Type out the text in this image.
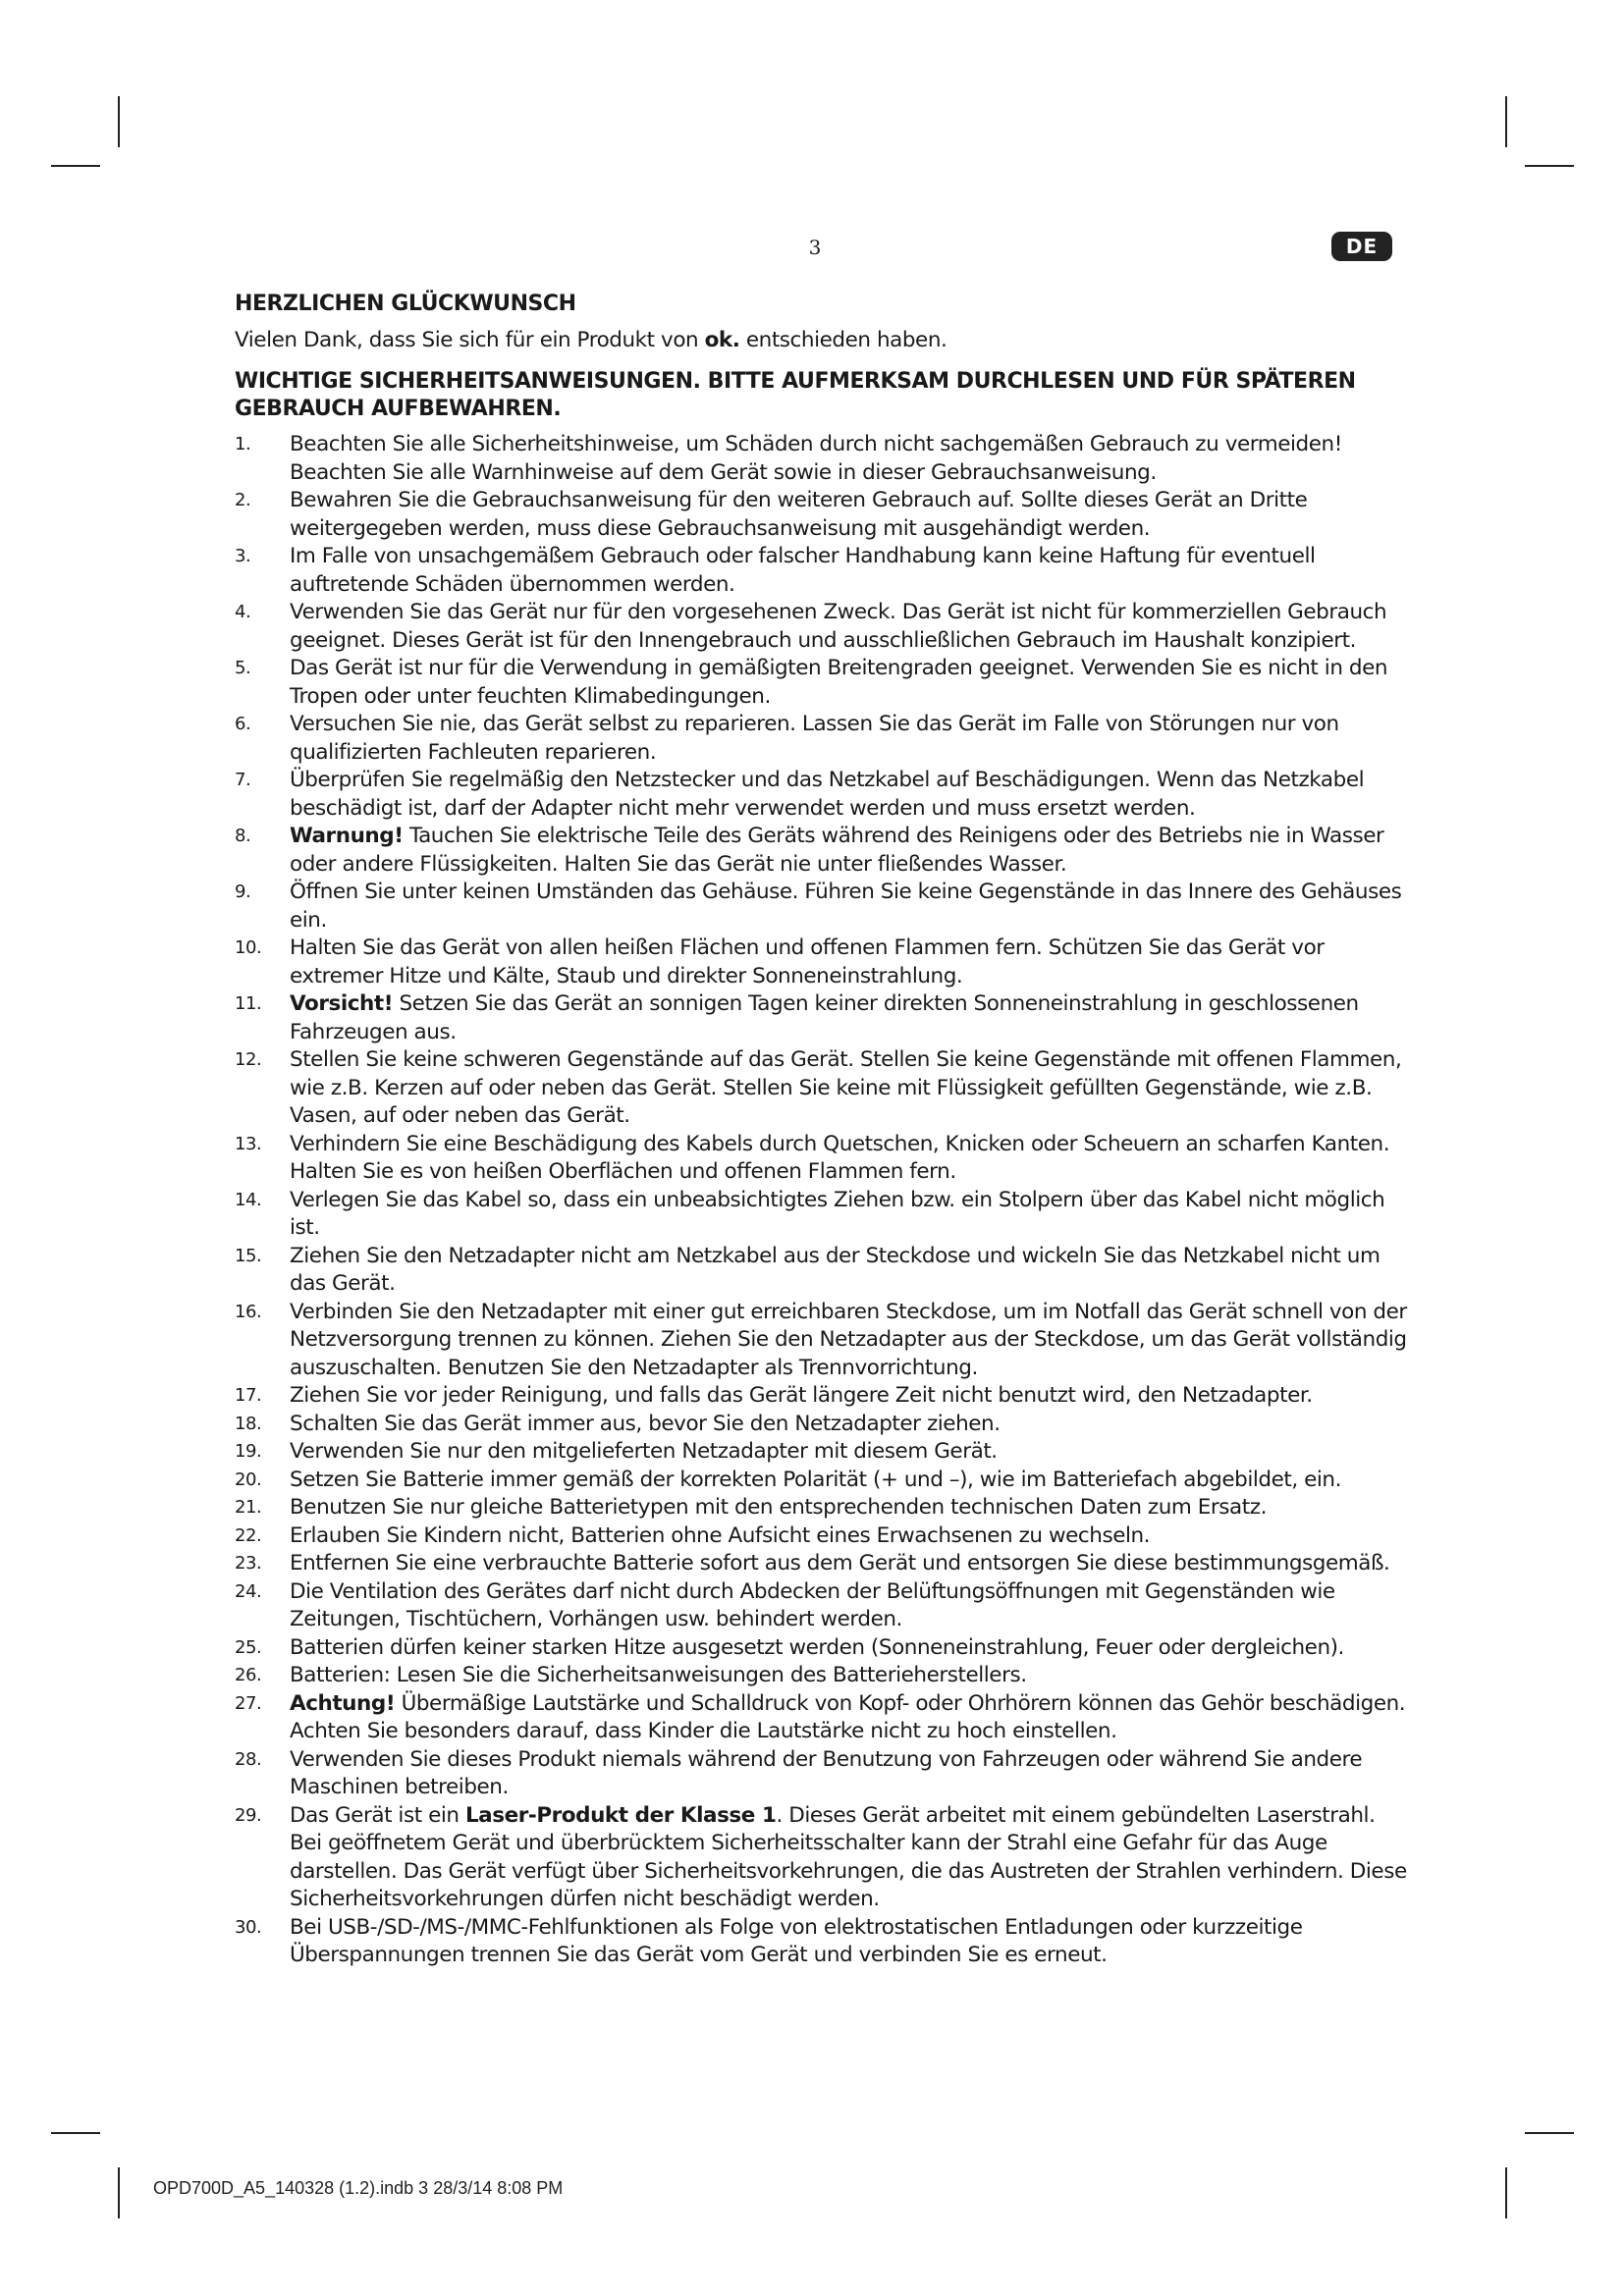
3	DE
HERZLICHEN GLÜCKWUNSCH
Vielen Dank, dass Sie sich für ein Produkt von ok. entschieden haben.
WICHTIGE SICHERHEITSANWEISUNGEN. BITTE AUFMERKSAM DURCHLESEN UND FÜR SPÄTEREN GEBRAUCH AUFBEWAHREN.
1. Beachten Sie alle Sicherheitshinweise, um Schäden durch nicht sachgemäßen Gebrauch zu vermeiden! Beachten Sie alle Warnhinweise auf dem Gerät sowie in dieser Gebrauchsanweisung.
2. Bewahren Sie die Gebrauchsanweisung für den weiteren Gebrauch auf. Sollte dieses Gerät an Dritte weitergegeben werden, muss diese Gebrauchsanweisung mit ausgehändigt werden.
3. Im Falle von unsachgemäßem Gebrauch oder falscher Handhabung kann keine Haftung für eventuell auftretende Schäden übernommen werden.
4. Verwenden Sie das Gerät nur für den vorgesehenen Zweck. Das Gerät ist nicht für kommerziellen Gebrauch geeignet. Dieses Gerät ist für den Innengebrauch und ausschließlichen Gebrauch im Haushalt konzipiert.
5. Das Gerät ist nur für die Verwendung in gemäßigten Breitengraden geeignet. Verwenden Sie es nicht in den Tropen oder unter feuchten Klimabedingungen.
6. Versuchen Sie nie, das Gerät selbst zu reparieren. Lassen Sie das Gerät im Falle von Störungen nur von qualifizierten Fachleuten reparieren.
7. Überprüfen Sie regelmäßig den Netzstecker und das Netzkabel auf Beschädigungen. Wenn das Netzkabel beschädigt ist, darf der Adapter nicht mehr verwendet werden und muss ersetzt werden.
8. Warnung! Tauchen Sie elektrische Teile des Geräts während des Reinigens oder des Betriebs nie in Wasser oder andere Flüssigkeiten. Halten Sie das Gerät nie unter fließendes Wasser.
9. Öffnen Sie unter keinen Umständen das Gehäuse. Führen Sie keine Gegenstände in das Innere des Gehäuses ein.
10. Halten Sie das Gerät von allen heißen Flächen und offenen Flammen fern. Schützen Sie das Gerät vor extremer Hitze und Kälte, Staub und direkter Sonneneinstrahlung.
11. Vorsicht! Setzen Sie das Gerät an sonnigen Tagen keiner direkten Sonneneinstrahlung in geschlossenen Fahrzeugen aus.
12. Stellen Sie keine schweren Gegenstände auf das Gerät. Stellen Sie keine Gegenstände mit offenen Flammen, wie z.B. Kerzen auf oder neben das Gerät. Stellen Sie keine mit Flüssigkeit gefüllten Gegenstände, wie z.B. Vasen, auf oder neben das Gerät.
13. Verhindern Sie eine Beschädigung des Kabels durch Quetschen, Knicken oder Scheuern an scharfen Kanten. Halten Sie es von heißen Oberflächen und offenen Flammen fern.
14. Verlegen Sie das Kabel so, dass ein unbeabsichtigtes Ziehen bzw. ein Stolpern über das Kabel nicht möglich ist.
15. Ziehen Sie den Netzadapter nicht am Netzkabel aus der Steckdose und wickeln Sie das Netzkabel nicht um das Gerät.
16. Verbinden Sie den Netzadapter mit einer gut erreichbaren Steckdose, um im Notfall das Gerät schnell von der Netzversorgung trennen zu können. Ziehen Sie den Netzadapter aus der Steckdose, um das Gerät vollständig auszuschalten. Benutzen Sie den Netzadapter als Trennvorrichtung.
17. Ziehen Sie vor jeder Reinigung, und falls das Gerät längere Zeit nicht benutzt wird, den Netzadapter.
18. Schalten Sie das Gerät immer aus, bevor Sie den Netzadapter ziehen.
19. Verwenden Sie nur den mitgelieferten Netzadapter mit diesem Gerät.
20. Setzen Sie Batterie immer gemäß der korrekten Polarität (+ und –), wie im Batteriefach abgebildet, ein.
21. Benutzen Sie nur gleiche Batterietypen mit den entsprechenden technischen Daten zum Ersatz.
22. Erlauben Sie Kindern nicht, Batterien ohne Aufsicht eines Erwachsenen zu wechseln.
23. Entfernen Sie eine verbrauchte Batterie sofort aus dem Gerät und entsorgen Sie diese bestimmungsgemäß.
24. Die Ventilation des Gerätes darf nicht durch Abdecken der Belüftungsöffnungen mit Gegenständen wie Zeitungen, Tischtüchern, Vorhängen usw. behindert werden.
25. Batterien dürfen keiner starken Hitze ausgesetzt werden (Sonneneinstrahlung, Feuer oder dergleichen).
26. Batterien: Lesen Sie die Sicherheitsanweisungen des Batterieherstellers.
27. Achtung! Übermäßige Lautstärke und Schalldruck von Kopf- oder Ohrhörern können das Gehör beschädigen. Achten Sie besonders darauf, dass Kinder die Lautstärke nicht zu hoch einstellen.
28. Verwenden Sie dieses Produkt niemals während der Benutzung von Fahrzeugen oder während Sie andere Maschinen betreiben.
29. Das Gerät ist ein Laser-Produkt der Klasse 1. Dieses Gerät arbeitet mit einem gebündelten Laserstrahl. Bei geöffnetem Gerät und überbrücktem Sicherheitsschalter kann der Strahl eine Gefahr für das Auge darstellen. Das Gerät verfügt über Sicherheitsvorkehrungen, die das Austreten der Strahlen verhindern. Diese Sicherheitsvorkehrungen dürfen nicht beschädigt werden.
30. Bei USB-/SD-/MS-/MMC-Fehlfunktionen als Folge von elektrostatischen Entladungen oder kurzzeitige Überspannungen trennen Sie das Gerät vom Gerät und verbinden Sie es erneut.
OPD700D_A5_140328 (1.2).indb 3 28/3/14 8:08 PM
